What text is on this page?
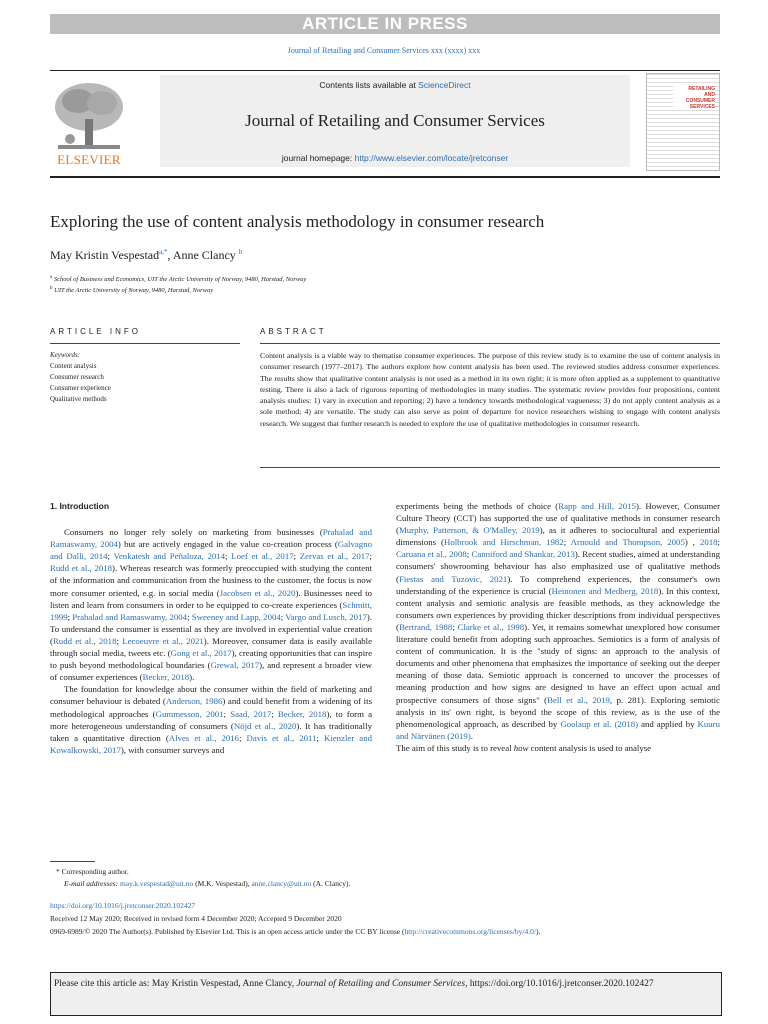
ARTICLE IN PRESS
Journal of Retailing and Consumer Services xxx (xxxx) xxx
ELSEVIER
Contents lists available at ScienceDirect
Journal of Retailing and Consumer Services
journal homepage: http://www.elsevier.com/locate/jretconser
RETAILING
AND
CONSUMER
SERVICES
Exploring the use of content analysis methodology in consumer research
May Kristin Vespestad$^{a,*}$, Anne Clancy $^b$
$^a$ School of Business and Economics, UIT the Arctic University of Norway, 9480, Harstad, Norway
$^b$ UIT the Arctic University of Norway, 9480, Harstad, Norway
ARTICLE INFO	ABSTRACT
Keywords:
Content analysis
Consumer research
Consumer experience
Qualitative methods
Content analysis is a viable way to thematise consumer experiences. The purpose of this review study is to examine the use of content analysis in consumer research (1977–2017). The authors explore how content analysis has been used. The reviewed studies address consumer experiences. The results show that qualitative content analysis is not used as a method in its own right; it is more often applied as a supplement to quantitative testing. There is also a lack of rigorous reporting of methodologies in many studies. The systematic review provides four propositions, content analysis studies: 1) vary in execution and reporting; 2) have a tendency towards methodological vagueness; 3) do not apply content analysis as a sole method; 4) are versatile. The study can also serve as point of departure for novice researchers wishing to engage with content analysis research. We suggest that further research is needed to explore the use of qualitative methodologies in consumer research.
1. Introduction

Consumers no longer rely solely on marketing from businesses (Prahalad and Ramaswamy, 2004) but are actively engaged in the value co-creation process (Galvagno and Dalli, 2014; Venkatesh and Peñaloza, 2014; Loef et al., 2017; Zervas et al., 2017; Rudd et al., 2018). Whereas research was formerly preoccupied with studying the content of the information and communication from the business to the customer, the focus is now more consumer oriented, e.g. in social media (Jacobsen et al., 2020). Businesses need to listen and learn from consumers in order to be equipped to co-create experiences (Schmitt, 1999; Prahalad and Ramaswamy, 2004; Sweeney and Lapp, 2004; Vargo and Lusch, 2017). To understand the consumer is essential as they are involved in experiential value creation (Rudd et al., 2018; Lecoeuvre et al., 2021). Moreover, consumer data is easily available through social media, tweets etc. (Gong et al., 2017), creating opportunities that can inspire to push beyond methodological boundaries (Grewal, 2017), and represent a broader view of consumer experiences (Becker, 2018).

The foundation for knowledge about the consumer within the field of marketing and consumer behaviour is debated (Anderson, 1986) and could benefit from a widening of its methodological approaches (Gummesson, 2001; Saad, 2017; Becker, 2018), to form a more heterogeneous understanding of consumers (Nöjd et al., 2020). It has traditionally taken a quantitative direction (Alves et al., 2016; Davis et al., 2011; Kienzler and Kowalkowski, 2017), with consumer surveys and

experiments being the methods of choice (Rapp and Hill, 2015). However, Consumer Culture Theory (CCT) has supported the use of qualitative methods in consumer research (Murphy, Patterson, & O'Malley, 2019), as it adheres to sociocultural and experiential dimensions (Holbrook and Hirschman, 1982; Arnould and Thompson, 2005) , 2018; Caruana et al., 2008; Canniford and Shankar, 2013). Recent studies, aimed at understanding consumers' showrooming behaviour has also emphasized use of qualitative methods (Fiestas and Tuzovic, 2021). To comprehend experiences, the consumer's own understanding of the experience is crucial (Heinonen and Medberg, 2018). In this context, content analysis and semiotic analysis are feasible methods, as they acknowledge the consumers own experiences by providing thicker descriptions from individual perspectives (Bertrand, 1988; Clarke et al., 1998). Yet, it remains somewhat unexplored how consumer literature could benefit from adopting such approaches. Semiotics is a form of analysis of content of communication. It is the "study of signs: an approach to the analysis of documents and other phenomena that emphasizes the importance of seeking out the deeper meaning of those data. Semiotic approach is concerned to uncover the processes of meaning production and how signs are designed to have an effect upon actual and prospective consumers of those signs" (Bell et al., 2019, p. 281). Exploring semiotic analysis in its' own right, is beyond the scope of this review, as is the use of the phenomenological approach, as described by Goolaup et al. (2018) and applied by Kuuru and Närvänen (2019).

The aim of this study is to reveal how content analysis is used to analyse

* Corresponding author.
E-mail addresses: may.k.vespestad@uit.no (M.K. Vespestad), anne.clancy@uit.no (A. Clancy).
https://doi.org/10.1016/j.jretconser.2020.102427
Received 12 May 2020; Received in revised form 4 December 2020; Accepted 9 December 2020
0969-6989/© 2020 The Author(s). Published by Elsevier Ltd. This is an open access article under the CC BY license (http://creativecommons.org/licenses/by/4.0/).
Please cite this article as: May Kristin Vespestad, Anne Clancy, Journal of Retailing and Consumer Services, https://doi.org/10.1016/j.jretconser.2020.102427
